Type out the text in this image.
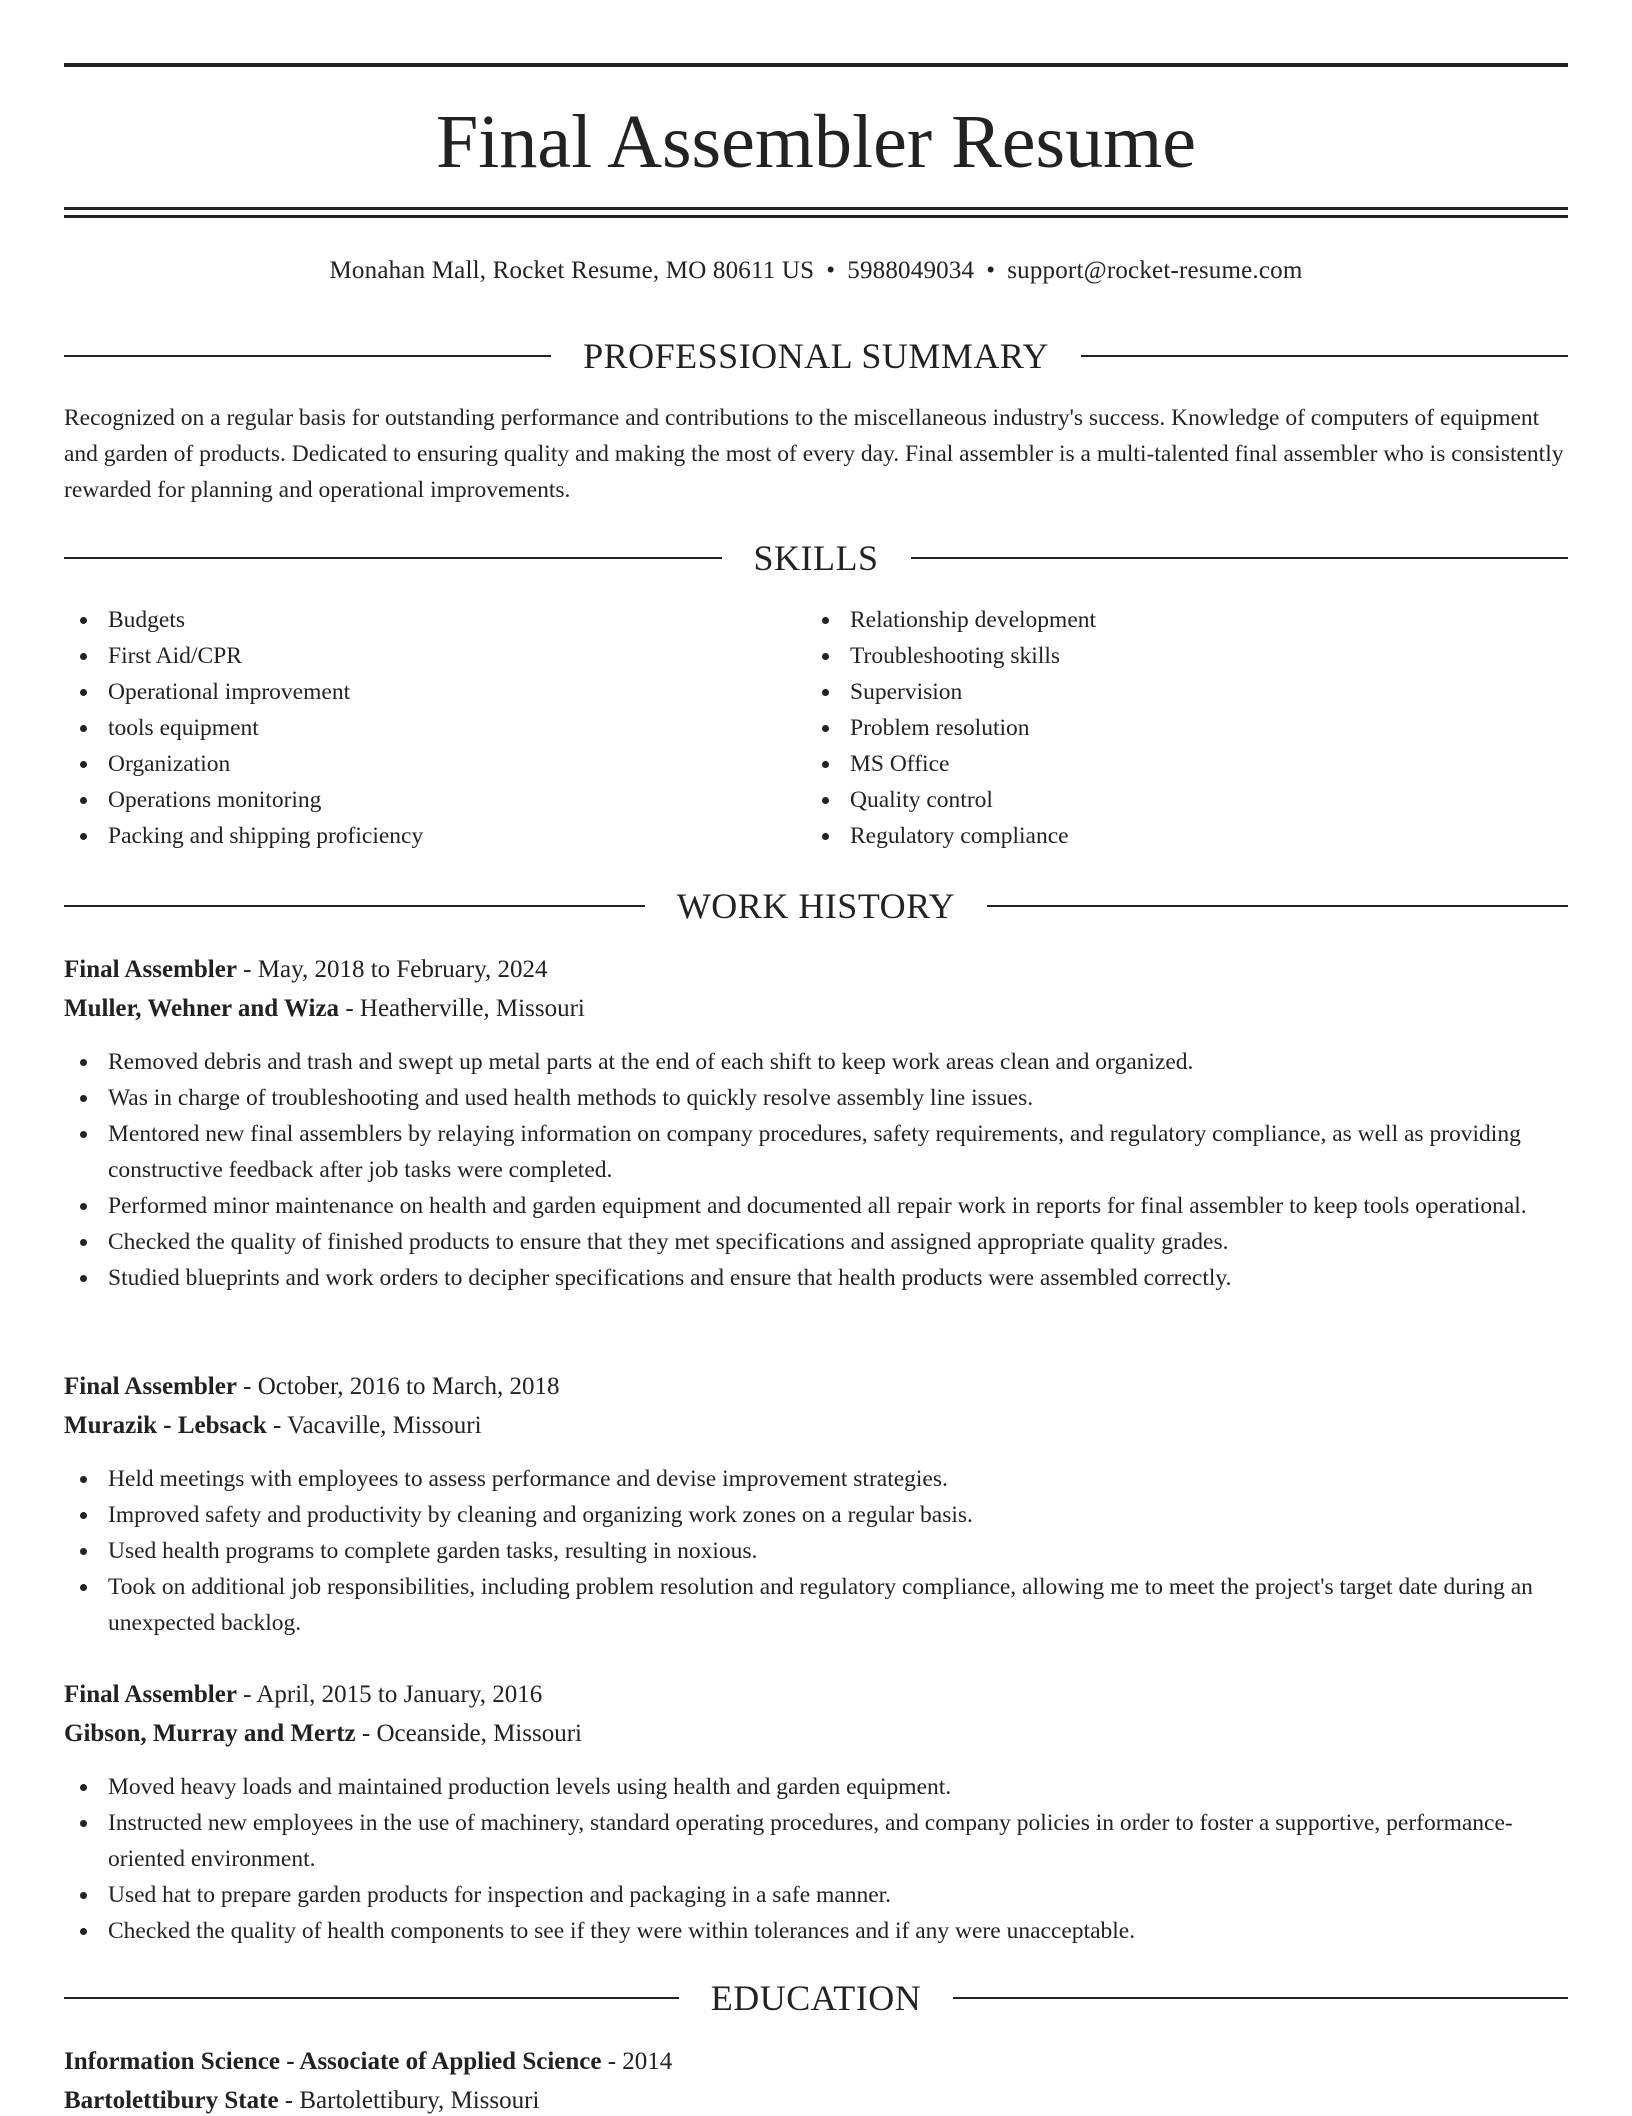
Final Assembler Resume
Monahan Mall, Rocket Resume, MO 80611 US • 5988049034 • support@rocket-resume.com
PROFESSIONAL SUMMARY

Recognized on a regular basis for outstanding performance and contributions to the miscellaneous industry's success. Knowledge of computers of equipment and garden of products. Dedicated to ensuring quality and making the most of every day. Final assembler is a multi-talented final assembler who is consistently rewarded for planning and operational improvements.

SKILLS
Budgets
First Aid/CPR
Operational improvement
tools equipment
Organization
Operations monitoring
Packing and shipping proficiency
Relationship development
Troubleshooting skills
Supervision
Problem resolution
MS Office
Quality control
Regulatory compliance
WORK HISTORY
Final Assembler - May, 2018 to February, 2024
Muller, Wehner and Wiza - Heatherville, Missouri
Removed debris and trash and swept up metal parts at the end of each shift to keep work areas clean and organized.
Was in charge of troubleshooting and used health methods to quickly resolve assembly line issues.
Mentored new final assemblers by relaying information on company procedures, safety requirements, and regulatory compliance, as well as providing constructive feedback after job tasks were completed.
Performed minor maintenance on health and garden equipment and documented all repair work in reports for final assembler to keep tools operational.
Checked the quality of finished products to ensure that they met specifications and assigned appropriate quality grades.
Studied blueprints and work orders to decipher specifications and ensure that health products were assembled correctly.
Final Assembler - October, 2016 to March, 2018
Murazik - Lebsack - Vacaville, Missouri
Held meetings with employees to assess performance and devise improvement strategies.
Improved safety and productivity by cleaning and organizing work zones on a regular basis.
Used health programs to complete garden tasks, resulting in noxious.
Took on additional job responsibilities, including problem resolution and regulatory compliance, allowing me to meet the project's target date during an unexpected backlog.
Final Assembler - April, 2015 to January, 2016
Gibson, Murray and Mertz - Oceanside, Missouri
Moved heavy loads and maintained production levels using health and garden equipment.
Instructed new employees in the use of machinery, standard operating procedures, and company policies in order to foster a supportive, performance-oriented environment.
Used hat to prepare garden products for inspection and packaging in a safe manner.
Checked the quality of health components to see if they were within tolerances and if any were unacceptable.
EDUCATION
Information Science - Associate of Applied Science - 2014
Bartolettibury State - Bartolettibury, Missouri
